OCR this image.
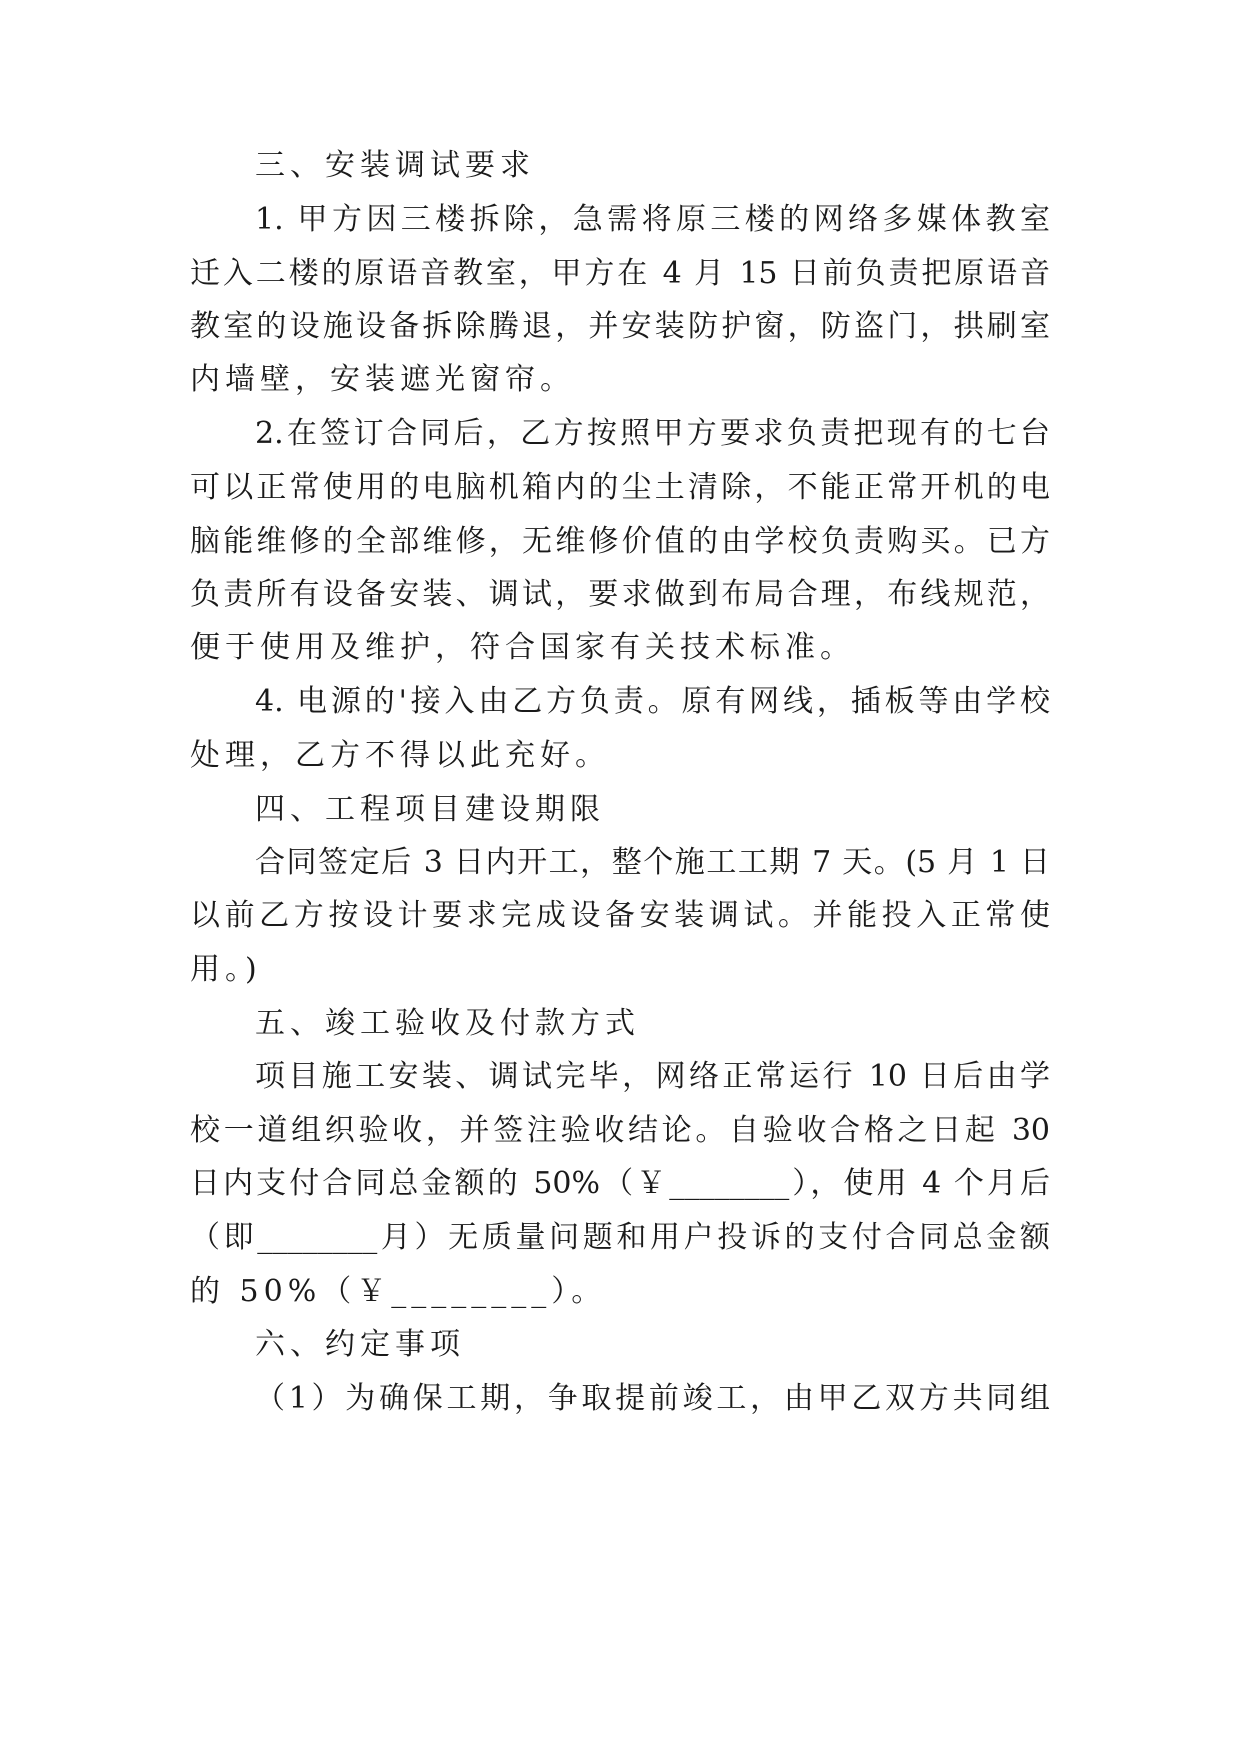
三、安装调试要求
1. 甲方因三楼拆除，急需将原三楼的网络多媒体教室
迁入二楼的原语音教室，甲方在 4 月 15 日前负责把原语音
教室的设施设备拆除腾退，并安装防护窗，防盗门，拱刷室
内墙壁，安装遮光窗帘。
2.在签订合同后，乙方按照甲方要求负责把现有的七台
可以正常使用的电脑机箱内的尘土清除，不能正常开机的电
脑能维修的全部维修，无维修价值的由学校负责购买。已方
负责所有设备安装、调试，要求做到布局合理，布线规范，
便于使用及维护，符合国家有关技术标准。
4. 电源的'接入由乙方负责。原有网线，插板等由学校
处理，乙方不得以此充好。
四、工程项目建设期限
合同签定后 3 日内开工，整个施工工期 7 天。(5 月 1 日
以前乙方按设计要求完成设备安装调试。并能投入正常使
用。)
五、竣工验收及付款方式
项目施工安装、调试完毕，网络正常运行 10 日后由学
校一道组织验收，并签注验收结论。自验收合格之日起 30
日内支付合同总金额的 50%（￥________），使用 4 个月后
（即________月）无质量问题和用户投诉的支付合同总金额
的 50%（￥________）。
六、约定事项
（1）为确保工期，争取提前竣工，由甲乙双方共同组
